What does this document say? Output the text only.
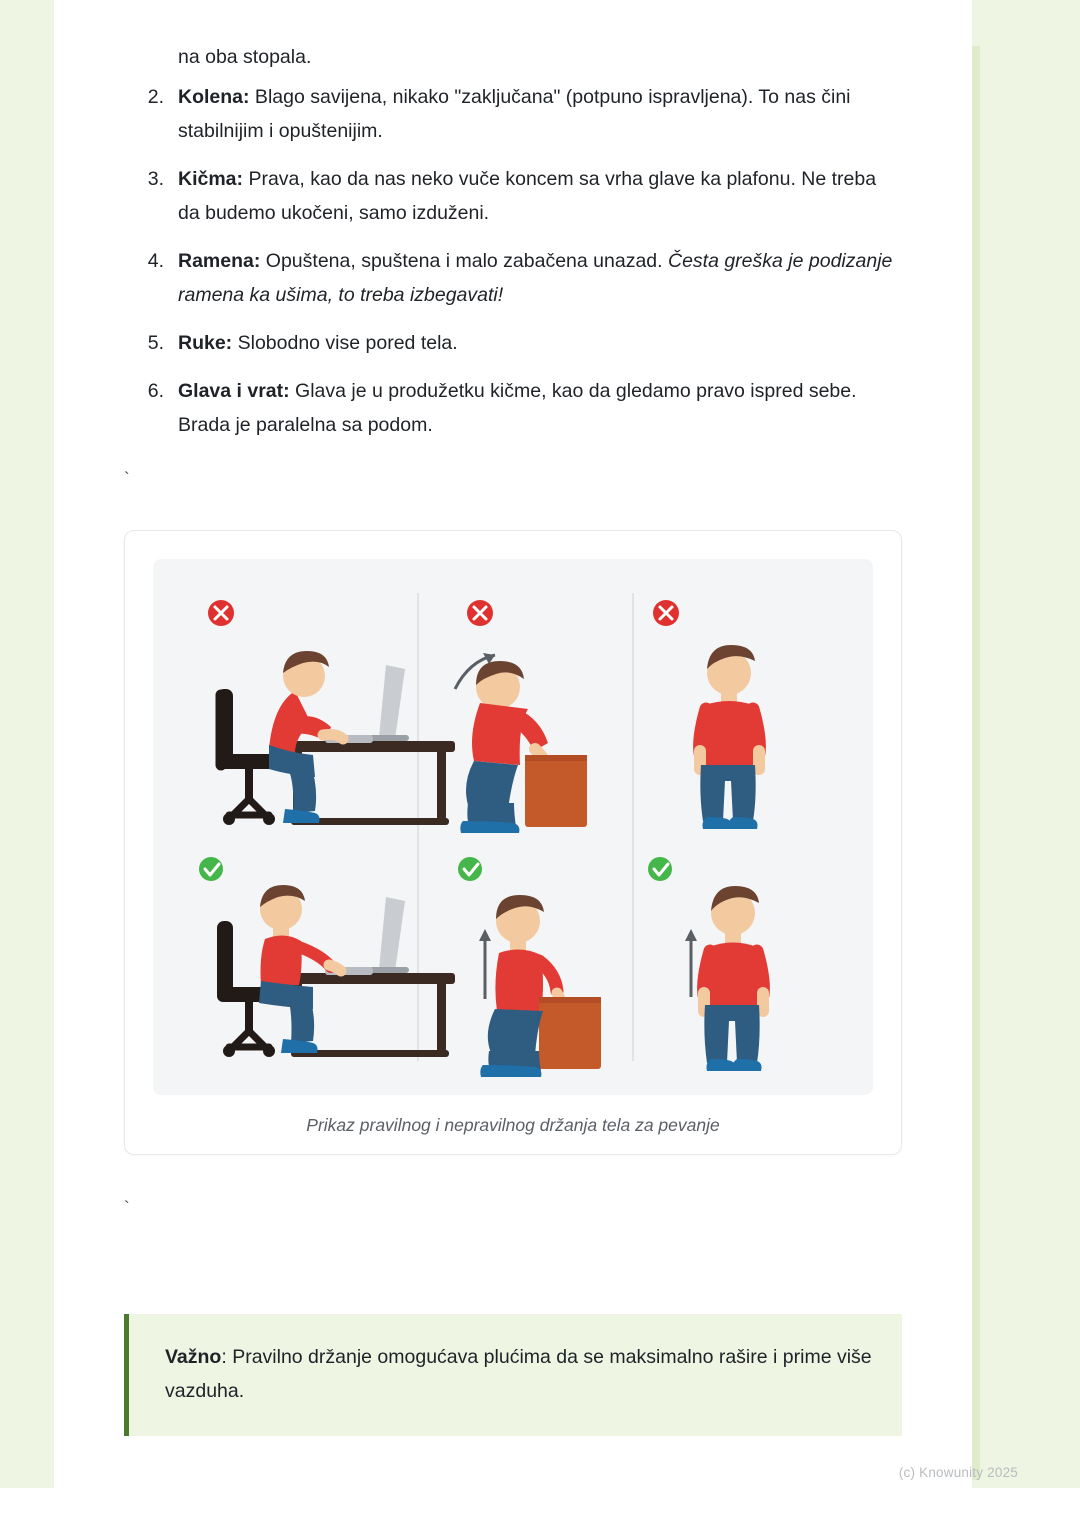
na oba stopala.

2. Kolena: Blago savijena, nikako "zaključana" (potpuno ispravljena). To nas čini stabilnijim i opuštenijim.
3. Kičma: Prava, kao da nas neko vuče koncem sa vrha glave ka plafonu. Ne treba da budemo ukočeni, samo izduženi.
4. Ramena: Opuštena, spuštena i malo zabačena unazad. Česta greška je podizanje ramena ka ušima, to treba izbegavati!
5. Ruke: Slobodno vise pored tela.
6. Glava i vrat: Glava je u produžetku kičme, kao da gledamo pravo ispred sebe. Brada je paralelna sa podom.
`
Prikaz pravilnog i nepravilnog držanja tela za pevanje
`

Važno: Pravilno držanje omogućava plućima da se maksimalno rašire i prime više vazduha.

(c) Knowunity 2025
